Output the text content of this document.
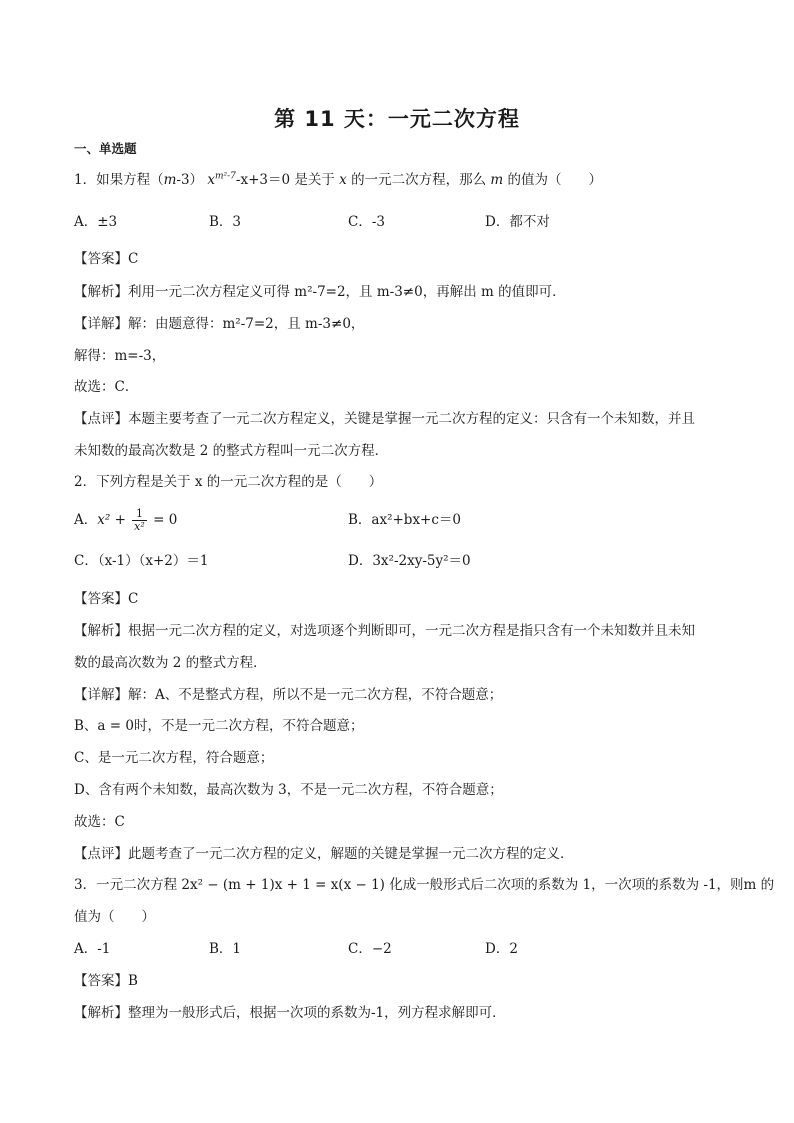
第 11 天：一元二次方程
一、单选题
1．如果方程（m-3） $x^{m^2-7}-x+3=0$ 是关于 x 的一元二次方程，那么 m 的值为（　　）
A．±3	B．3	C．-3	D．都不对
【答案】C
【解析】利用一元二次方程定义可得 m²-7=2，且 m-3≠0，再解出 m 的值即可．
【详解】解：由题意得：m²-7=2，且 m-3≠0，
解得：m=-3，
故选：C．
【点评】本题主要考查了一元二次方程定义，关键是掌握一元二次方程的定义：只含有一个未知数，并且
未知数的最高次数是 2 的整式方程叫一元二次方程．
2．下列方程是关于 x 的一元二次方程的是（　　）
A．$x^2 + \frac{1}{\text{x²}} = 0$	B．ax²+bx+c＝0
C．（x-1）（x+2）＝1	D．3x²-2xy-5y²＝0
【答案】C
【解析】根据一元二次方程的定义，对选项逐个判断即可，一元二次方程是指只含有一个未知数并且未知
数的最高次数为 2 的整式方程．
【详解】解：A、不是整式方程，所以不是一元二次方程，不符合题意；
B、a = 0时，不是一元二次方程，不符合题意；
C、是一元二次方程，符合题意；
D、含有两个未知数，最高次数为 3，不是一元二次方程，不符合题意；
故选：C
【点评】此题考查了一元二次方程的定义，解题的关键是掌握一元二次方程的定义．
3．一元二次方程 2x² − (m + 1)x + 1 = x(x − 1) 化成一般形式后二次项的系数为 1，一次项的系数为 -1，则m 的
值为（　　）
A．-1	B．1	C．−2	D．2
【答案】B
【解析】整理为一般形式后，根据一次项的系数为-1，列方程求解即可．
